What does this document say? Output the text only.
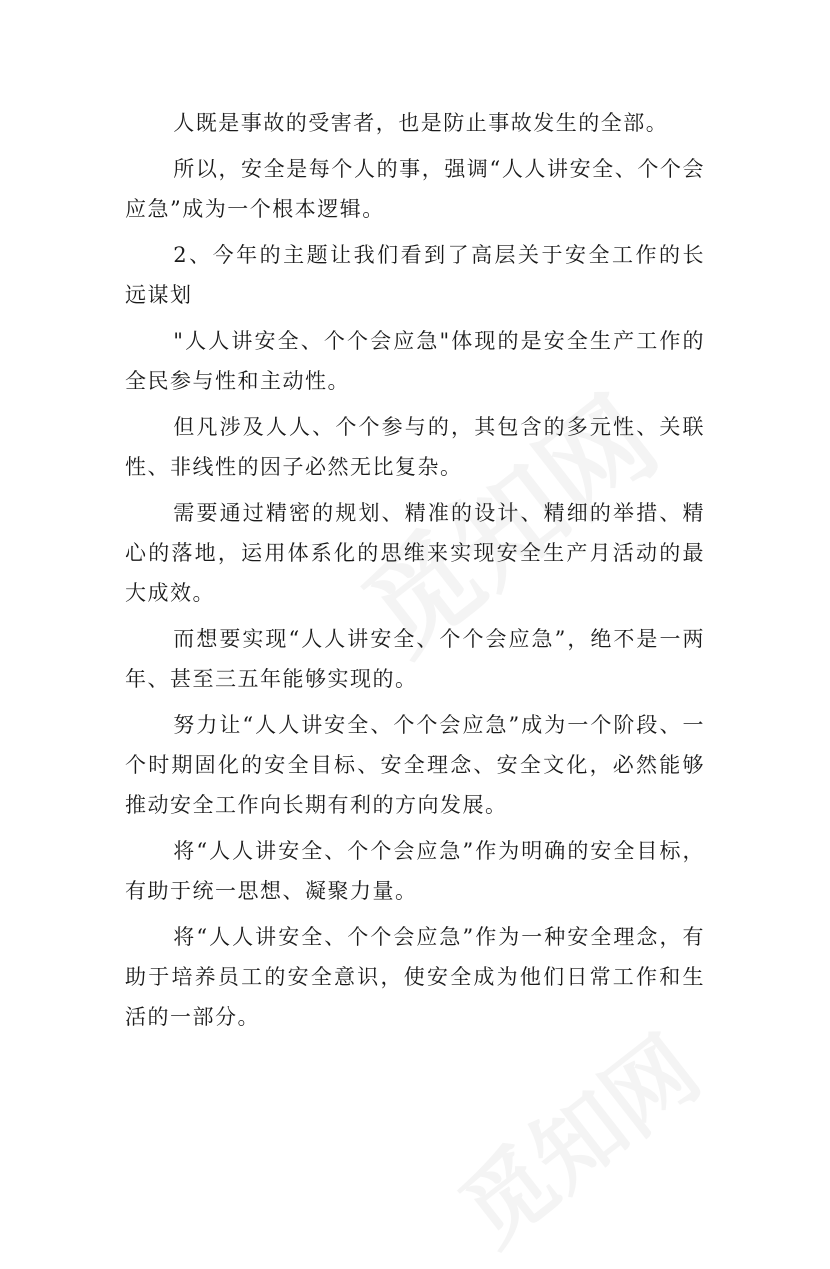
人既是事故的受害者，也是防止事故发生的全部。

所以，安全是每个人的事，强调“人人讲安全、个个会应急”成为一个根本逻辑。

2、今年的主题让我们看到了高层关于安全工作的长远谋划

"人人讲安全、个个会应急"体现的是安全生产工作的全民参与性和主动性。

但凡涉及人人、个个参与的，其包含的多元性、关联性、非线性的因子必然无比复杂。

需要通过精密的规划、精准的设计、精细的举措、精心的落地，运用体系化的思维来实现安全生产月活动的最大成效。

而想要实现“人人讲安全、个个会应急”，绝不是一两年、甚至三五年能够实现的。

努力让“人人讲安全、个个会应急”成为一个阶段、一个时期固化的安全目标、安全理念、安全文化，必然能够推动安全工作向长期有利的方向发展。

将“人人讲安全、个个会应急”作为明确的安全目标，有助于统一思想、凝聚力量。

将“人人讲安全、个个会应急”作为一种安全理念，有助于培养员工的安全意识，使安全成为他们日常工作和生活的一部分。
